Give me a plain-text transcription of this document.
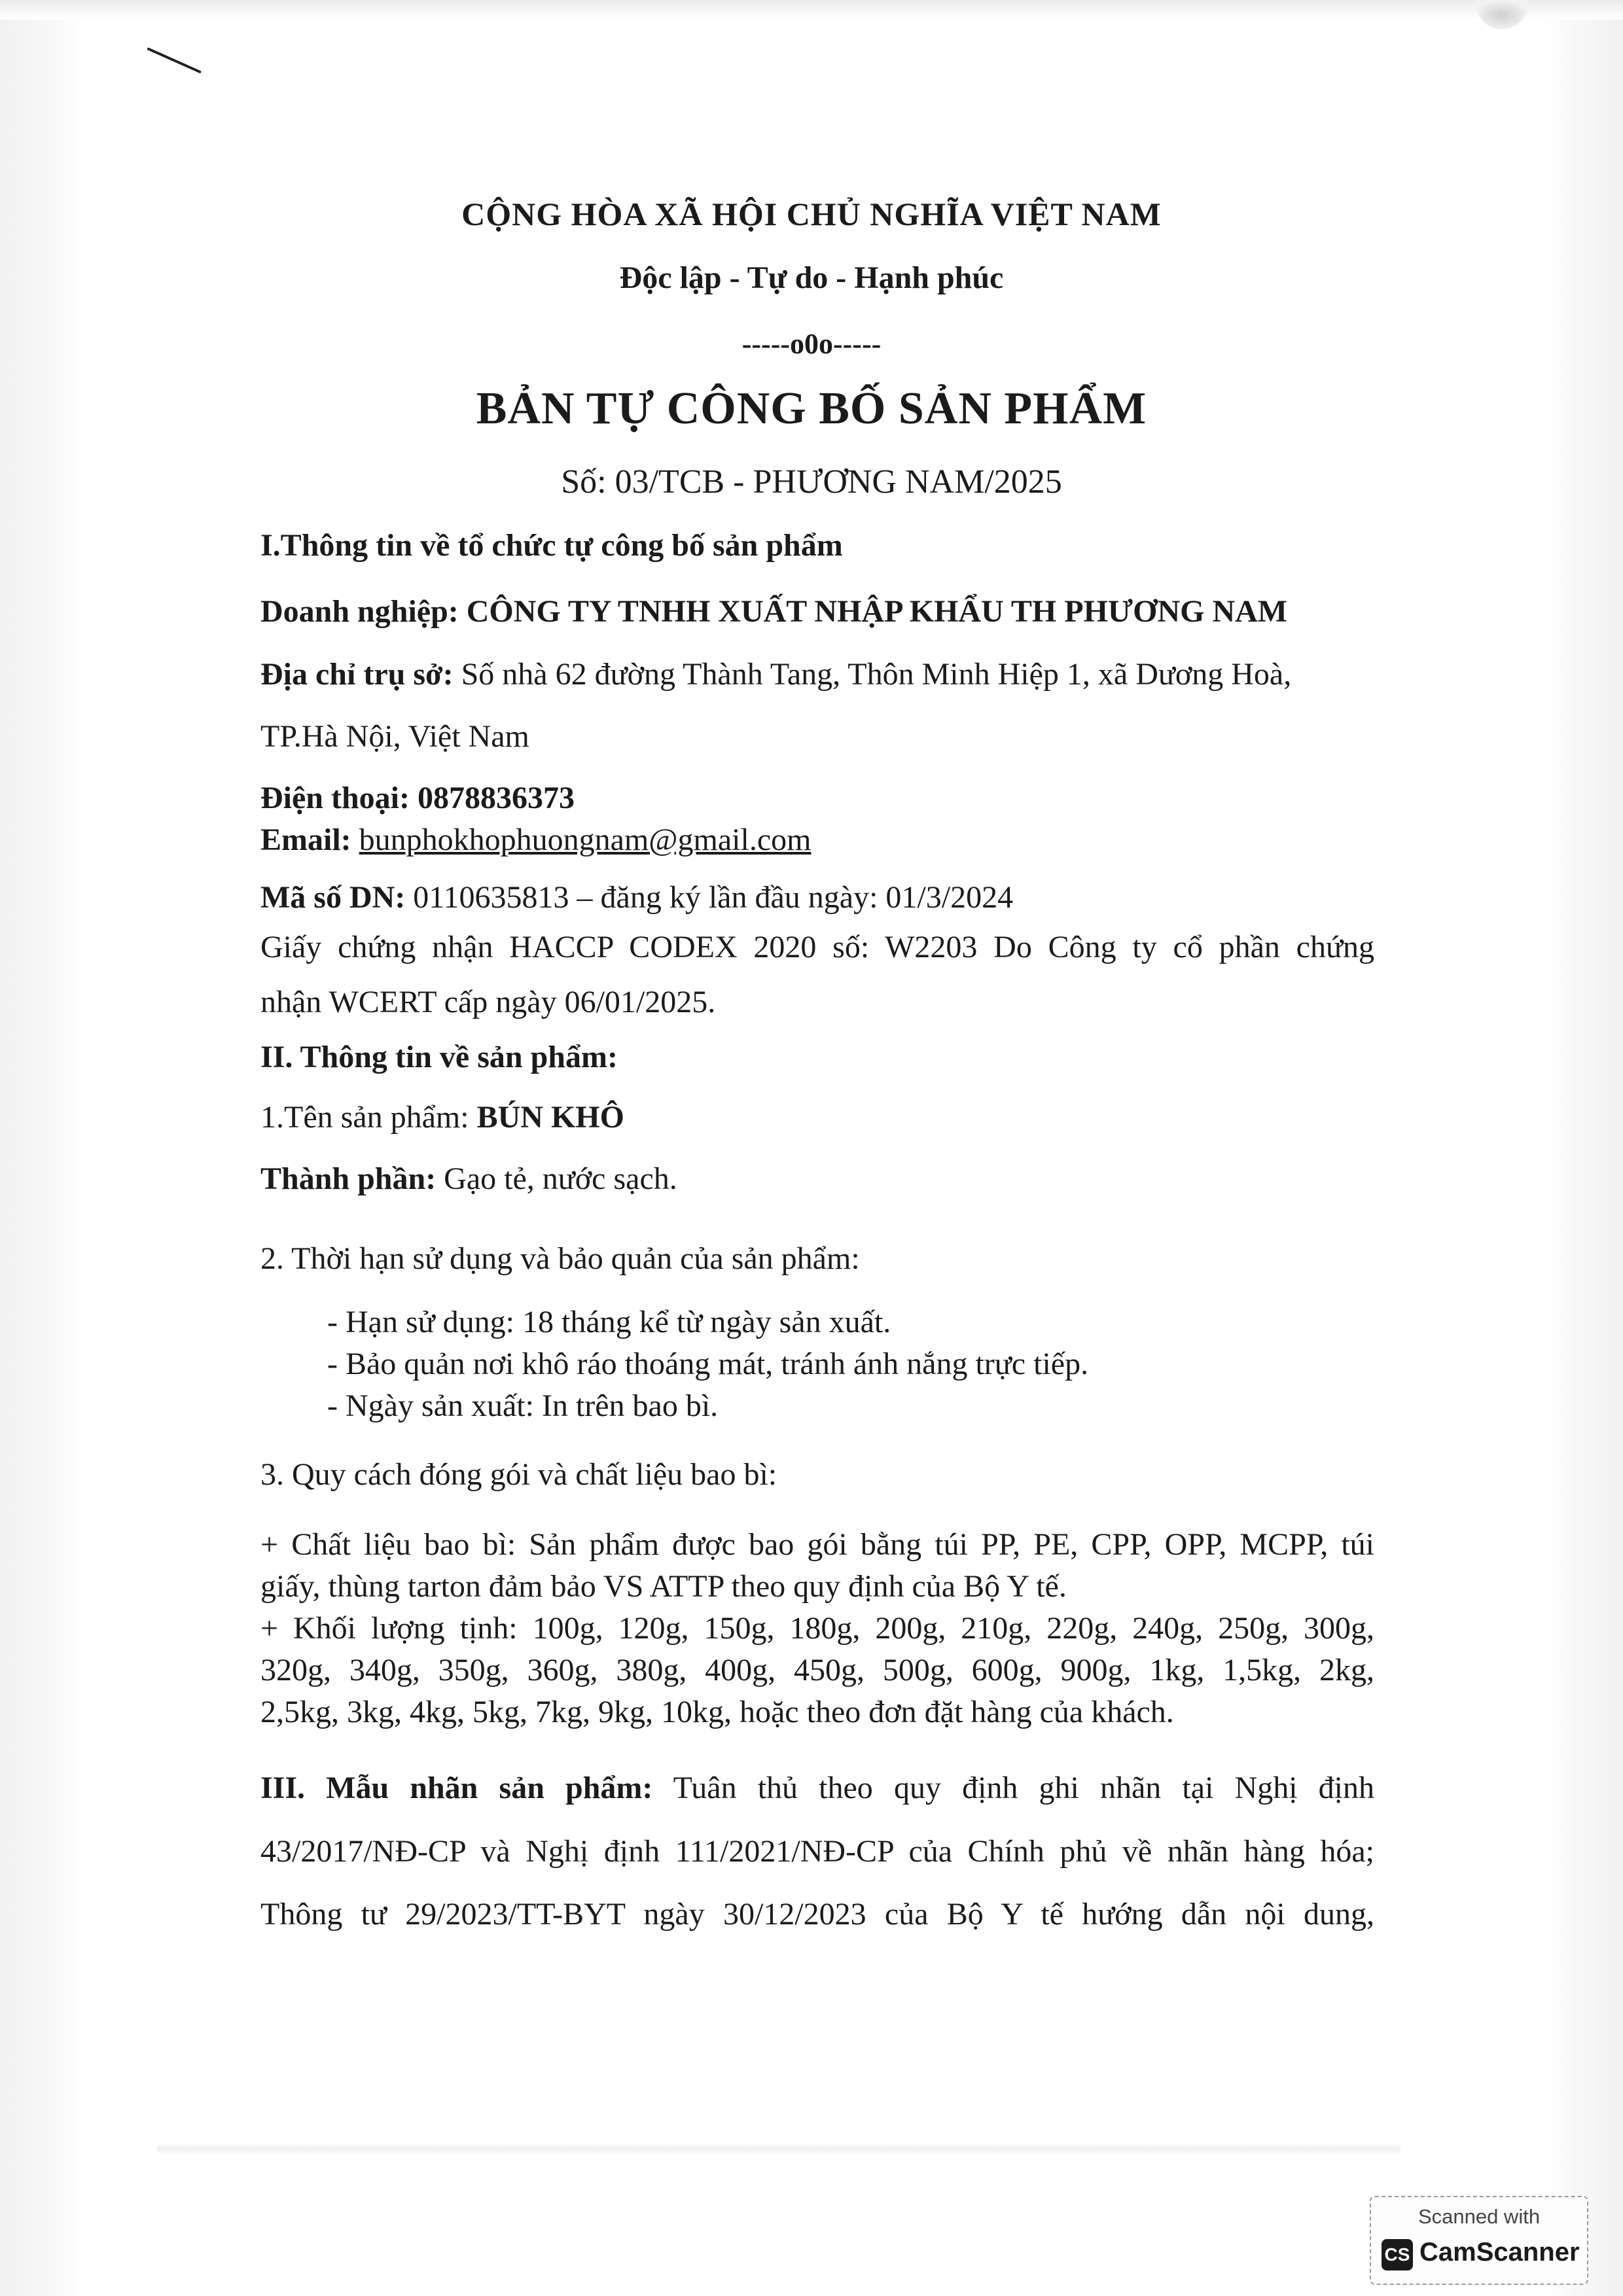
CỘNG HÒA XÃ HỘI CHỦ NGHĨA VIỆT NAM

Độc lập - Tự do - Hạnh phúc

-----o0o-----

BẢN TỰ CÔNG BỐ SẢN PHẨM

Số: 03/TCB - PHƯƠNG NAM/2025

I.Thông tin về tổ chức tự công bố sản phẩm

Doanh nghiệp: CÔNG TY TNHH XUẤT NHẬP KHẨU TH PHƯƠNG NAM

Địa chỉ trụ sở: Số nhà 62 đường Thành Tang, Thôn Minh Hiệp 1, xã Dương Hoà,

TP.Hà Nội, Việt Nam

Điện thoại: 0878836373

Email: bunphokhophuongnam@gmail.com

Mã số DN: 0110635813 – đăng ký lần đầu ngày: 01/3/2024

Giấy chứng nhận HACCP CODEX 2020 số: W2203 Do Công ty cổ phần chứng

nhận WCERT cấp ngày 06/01/2025.

II. Thông tin về sản phẩm:

1.Tên sản phẩm: BÚN KHÔ

Thành phần: Gạo tẻ, nước sạch.

2. Thời hạn sử dụng và bảo quản của sản phẩm:

- Hạn sử dụng: 18 tháng kể từ ngày sản xuất.

- Bảo quản nơi khô ráo thoáng mát, tránh ánh nắng trực tiếp.

- Ngày sản xuất: In trên bao bì.

3. Quy cách đóng gói và chất liệu bao bì:

+ Chất liệu bao bì: Sản phẩm được bao gói bằng túi PP, PE, CPP, OPP, MCPP, túi

giấy, thùng tarton đảm bảo VS ATTP theo quy định của Bộ Y tế.

+ Khối lượng tịnh: 100g, 120g, 150g, 180g, 200g, 210g, 220g, 240g, 250g, 300g,

320g, 340g, 350g, 360g, 380g, 400g, 450g, 500g, 600g, 900g, 1kg, 1,5kg, 2kg,

2,5kg, 3kg, 4kg, 5kg, 7kg, 9kg, 10kg, hoặc theo đơn đặt hàng của khách.

III. Mẫu nhãn sản phẩm: Tuân thủ theo quy định ghi nhãn tại Nghị định

43/2017/NĐ-CP và Nghị định 111/2021/NĐ-CP của Chính phủ về nhãn hàng hóa;

Thông tư 29/2023/TT-BYT ngày 30/12/2023 của Bộ Y tế hướng dẫn nội dung,

Scanned with
CS CamScanner
